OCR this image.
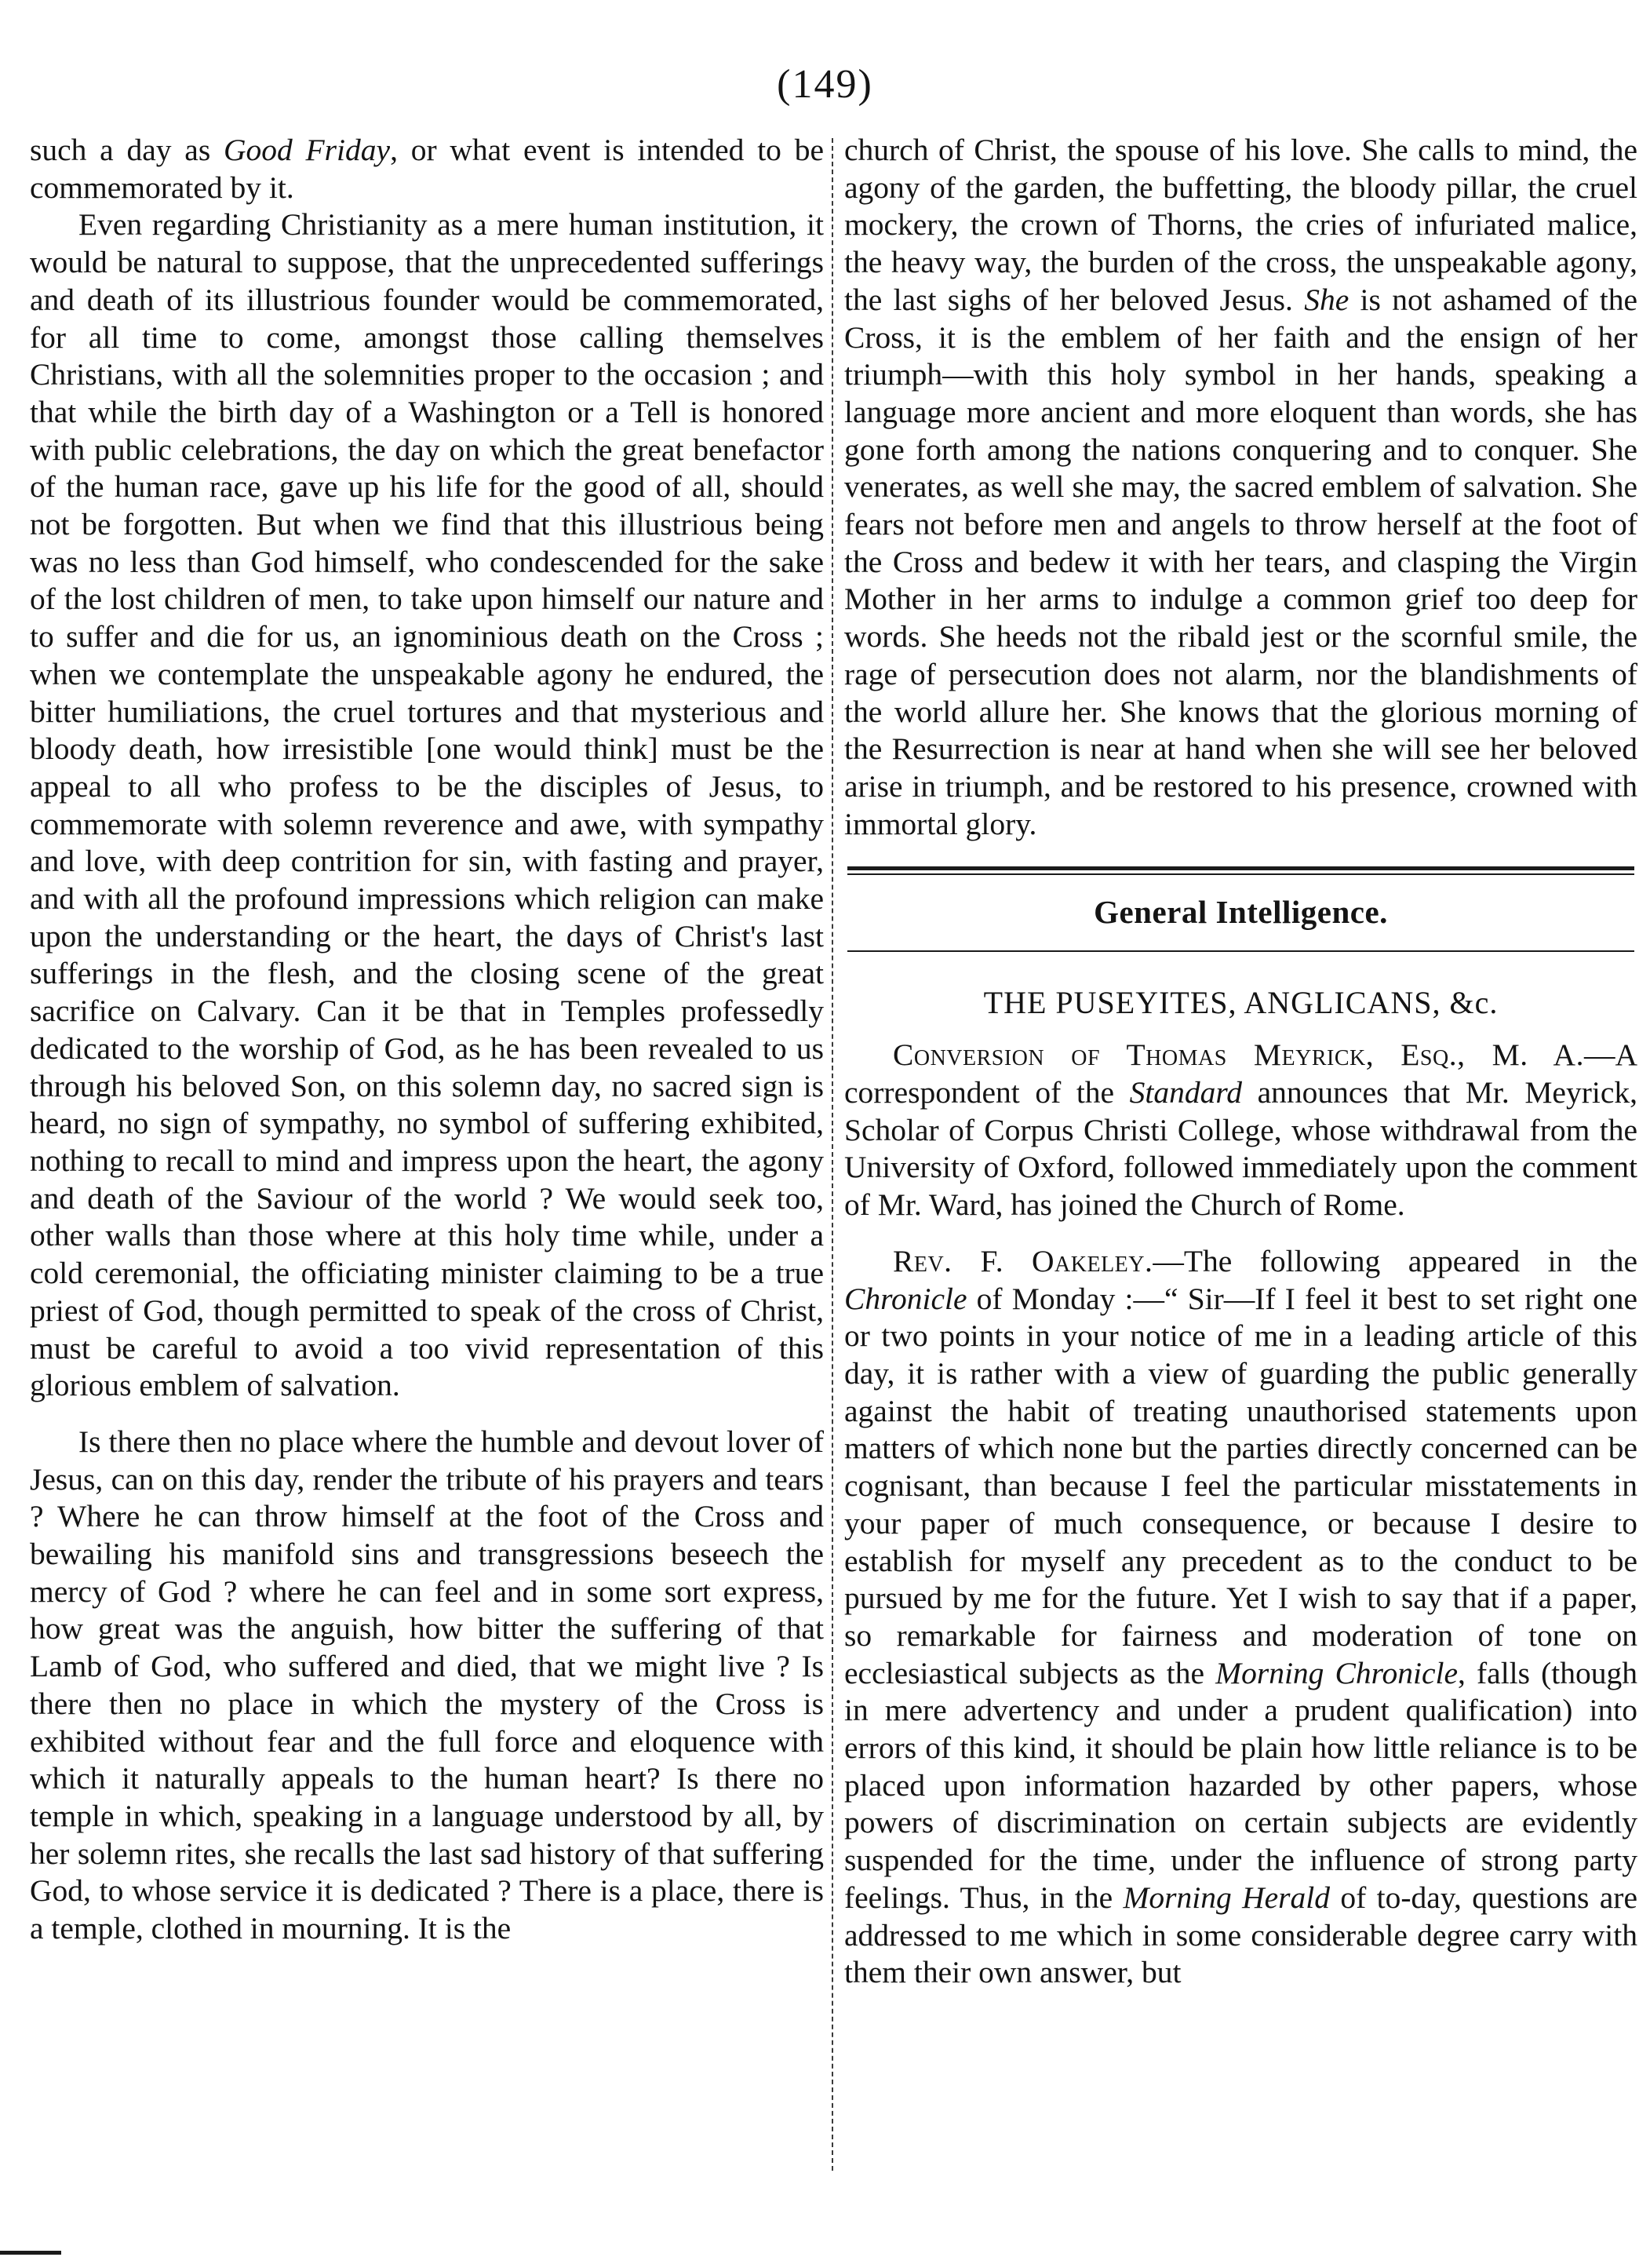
(149)

such a day as Good Friday, or what event is intended to be commemorated by it.

Even regarding Christianity as a mere human institution, it would be natural to suppose, that the unprecedented sufferings and death of its illustrious founder would be commemorated, for all time to come, amongst those calling themselves Christians, with all the solemnities proper to the occasion ; and that while the birth day of a Washington or a Tell is honored with public celebrations, the day on which the great benefactor of the human race, gave up his life for the good of all, should not be forgotten. But when we find that this illustrious being was no less than God himself, who condescended for the sake of the lost children of men, to take upon himself our nature and to suffer and die for us, an ignominious death on the Cross ; when we contemplate the unspeakable agony he endured, the bitter humiliations, the cruel tortures and that mysterious and bloody death, how irresistible [one would think] must be the appeal to all who profess to be the disciples of Jesus, to commemorate with solemn reverence and awe, with sympathy and love, with deep contrition for sin, with fasting and prayer, and with all the profound impressions which religion can make upon the understanding or the heart, the days of Christ's last sufferings in the flesh, and the closing scene of the great sacrifice on Calvary. Can it be that in Temples professedly dedicated to the worship of God, as he has been revealed to us through his beloved Son, on this solemn day, no sacred sign is heard, no sign of sympathy, no symbol of suffering exhibited, nothing to recall to mind and impress upon the heart, the agony and death of the Saviour of the world ? We would seek too, other walls than those where at this holy time while, under a cold ceremonial, the officiating minister claiming to be a true priest of God, though permitted to speak of the cross of Christ, must be careful to avoid a too vivid representation of this glorious emblem of salvation.

Is there then no place where the humble and devout lover of Jesus, can on this day, render the tribute of his prayers and tears ? Where he can throw himself at the foot of the Cross and bewailing his manifold sins and transgressions beseech the mercy of God ? where he can feel and in some sort express, how great was the anguish, how bitter the suffering of that Lamb of God, who suffered and died, that we might live ? Is there then no place in which the mystery of the Cross is exhibited without fear and the full force and eloquence with which it naturally appeals to the human heart? Is there no temple in which, speaking in a language understood by all, by her solemn rites, she recalls the last sad history of that suffering God, to whose service it is dedicated ? There is a place, there is a temple, clothed in mourning. It is the

church of Christ, the spouse of his love. She calls to mind, the agony of the garden, the buffetting, the bloody pillar, the cruel mockery, the crown of Thorns, the cries of infuriated malice, the heavy way, the burden of the cross, the unspeakable agony, the last sighs of her beloved Jesus. She is not ashamed of the Cross, it is the emblem of her faith and the ensign of her triumph—with this holy symbol in her hands, speaking a language more ancient and more eloquent than words, she has gone forth among the nations conquering and to conquer. She venerates, as well she may, the sacred emblem of salvation. She fears not before men and angels to throw herself at the foot of the Cross and bedew it with her tears, and clasping the Virgin Mother in her arms to indulge a common grief too deep for words. She heeds not the ribald jest or the scornful smile, the rage of persecution does not alarm, nor the blandishments of the world allure her. She knows that the glorious morning of the Resurrection is near at hand when she will see her beloved arise in triumph, and be restored to his presence, crowned with immortal glory.

General Intelligence.

THE PUSEYITES, ANGLICANS, &c.

Conversion of Thomas Meyrick, Esq., M. A.—A correspondent of the Standard announces that Mr. Meyrick, Scholar of Corpus Christi College, whose withdrawal from the University of Oxford, followed immediately upon the comment of Mr. Ward, has joined the Church of Rome.

Rev. F. Oakeley.—The following appeared in the Chronicle of Monday :—“ Sir—If I feel it best to set right one or two points in your notice of me in a leading article of this day, it is rather with a view of guarding the public generally against the habit of treating unauthorised statements upon matters of which none but the parties directly concerned can be cognisant, than because I feel the particular misstatements in your paper of much consequence, or because I desire to establish for myself any precedent as to the conduct to be pursued by me for the future. Yet I wish to say that if a paper, so remarkable for fairness and moderation of tone on ecclesiastical subjects as the Morning Chronicle, falls (though in mere advertency and under a prudent qualification) into errors of this kind, it should be plain how little reliance is to be placed upon information hazarded by other papers, whose powers of discrimination on certain subjects are evidently suspended for the time, under the influence of strong party feelings. Thus, in the Morning Herald of to-day, questions are addressed to me which in some considerable degree carry with them their own answer, but
